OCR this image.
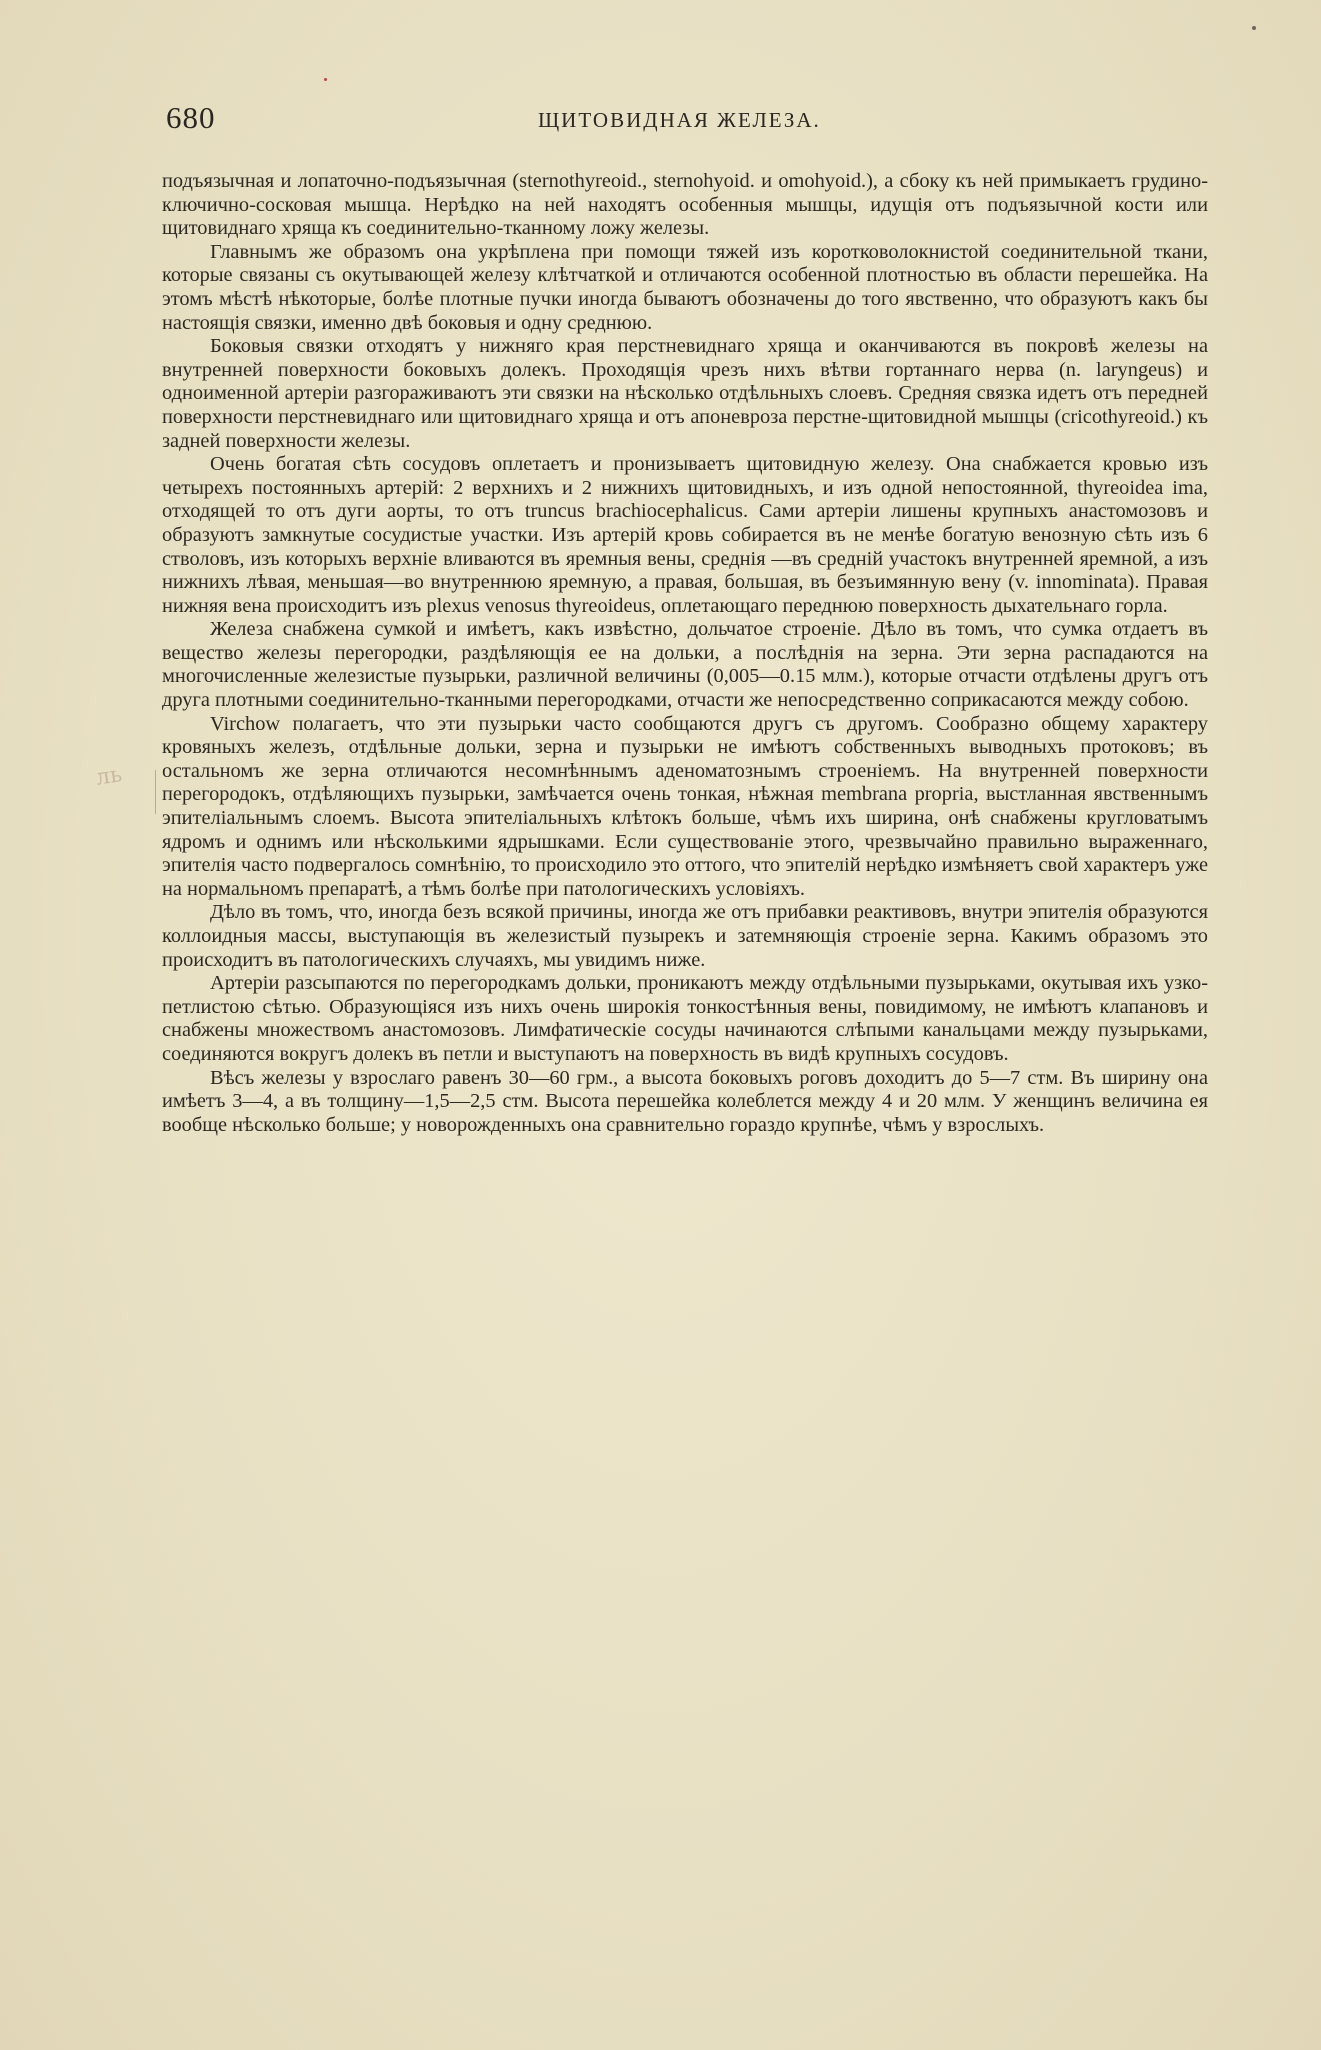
680	ЩИТОВИДНАЯ ЖЕЛЕЗА.
ль

подъязычная и лопаточно-подъязычная (sternothyreoid., sternohyoid. и omohyoid.), а сбоку къ ней примыкаетъ грудино-ключично-сосковая мышца. Нерѣдко на ней находятъ особенныя мышцы, идущія отъ подъязычной кости или щитовиднаго хряща къ соединительно-тканному ложу железы.

Главнымъ же образомъ она укрѣплена при помощи тяжей изъ коротковолокнистой соединительной ткани, которые связаны съ окутывающей железу клѣтчаткой и отличаются особенной плотностью въ области перешейка. На этомъ мѣстѣ нѣкоторые, болѣе плотные пучки иногда бываютъ обозначены до того явственно, что образуютъ какъ бы настоящія связки, именно двѣ боковыя и одну среднюю.

Боковыя связки отходятъ у нижняго края перстневиднаго хряща и оканчиваются въ покровѣ железы на внутренней поверхности боковыхъ долекъ. Проходящія чрезъ нихъ вѣтви гортаннаго нерва (n. laryngeus) и одноименной артеріи разгораживаютъ эти связки на нѣсколько отдѣльныхъ слоевъ. Средняя связка идетъ отъ передней поверхности перстневиднаго или щитовиднаго хряща и отъ апоневроза перстне-щитовидной мышцы (cricothyreoid.) къ задней поверхности железы.

Очень богатая сѣть сосудовъ оплетаетъ и пронизываетъ щитовидную железу. Она снабжается кровью изъ четырехъ постоянныхъ артерій: 2 верхнихъ и 2 нижнихъ щитовидныхъ, и изъ одной непостоянной, thyreoidea ima, отходящей то отъ дуги аорты, то отъ truncus brachiocephalicus. Сами артеріи лишены крупныхъ анастомозовъ и образуютъ замкнутые сосудистые участки. Изъ артерій кровь собирается въ не менѣе богатую венозную сѣть изъ 6 стволовъ, изъ которыхъ верхніе вливаются въ яремныя вены, среднія —въ средній участокъ внутренней яремной, а изъ нижнихъ лѣвая, меньшая—во внутреннюю яремную, а правая, большая, въ безъимянную вену (v. innominata). Правая нижняя вена происходитъ изъ plexus venosus thyreoideus, оплетающаго переднюю поверхность дыхательнаго горла.

Железа снабжена сумкой и имѣетъ, какъ извѣстно, дольчатое строеніе. Дѣло въ томъ, что сумка отдаетъ въ вещество железы перегородки, раздѣляющія ее на дольки, а послѣднія на зерна. Эти зерна распадаются на многочисленные железистые пузырьки, различной величины (0,005—0.15 млм.), которые отчасти отдѣлены другъ отъ друга плотными соединительно-тканными перегородками, отчасти же непосредственно соприкасаются между собою.

Virchow полагаетъ, что эти пузырьки часто сообщаются другъ съ другомъ. Сообразно общему характеру кровяныхъ железъ, отдѣльные дольки, зерна и пузырьки не имѣютъ собственныхъ выводныхъ протоковъ; въ остальномъ же зерна отличаются несомнѣннымъ аденоматознымъ строеніемъ. На внутренней поверхности перегородокъ, отдѣляющихъ пузырьки, замѣчается очень тонкая, нѣжная membrana propria, выстланная явственнымъ эпителіальнымъ слоемъ. Высота эпителіальныхъ клѣтокъ больше, чѣмъ ихъ ширина, онѣ снабжены кругловатымъ ядромъ и однимъ или нѣсколькими ядрышками. Если существованіе этого, чрезвычайно правильно выраженнаго, эпителія часто подвергалось сомнѣнію, то происходило это оттого, что эпителій нерѣдко измѣняетъ свой характеръ уже на нормальномъ препаратѣ, а тѣмъ болѣе при патологическихъ условіяхъ.

Дѣло въ томъ, что, иногда безъ всякой причины, иногда же отъ прибавки реактивовъ, внутри эпителія образуются коллоидныя массы, выступающія въ железистый пузырекъ и затемняющія строеніе зерна. Какимъ образомъ это происходитъ въ патологическихъ случаяхъ, мы увидимъ ниже.

Артеріи разсыпаются по перегородкамъ дольки, проникаютъ между отдѣльными пузырьками, окутывая ихъ узко-петлистою сѣтью. Образующіяся изъ нихъ очень широкія тонкостѣнныя вены, повидимому, не имѣютъ клапановъ и снабжены множествомъ анастомозовъ. Лимфатическіе сосуды начинаются слѣпыми канальцами между пузырьками, соединяются вокругъ долекъ въ петли и выступаютъ на поверхность въ видѣ крупныхъ сосудовъ.

Вѣсъ железы у взрослаго равенъ 30—60 грм., а высота боковыхъ роговъ доходитъ до 5—7 стм. Въ ширину она имѣетъ 3—4, а въ толщину—1,5—2,5 стм. Высота перешейка колеблется между 4 и 20 млм. У женщинъ величина ея вообще нѣсколько больше; у новорожденныхъ она сравнительно гораздо крупнѣе, чѣмъ у взрослыхъ.
